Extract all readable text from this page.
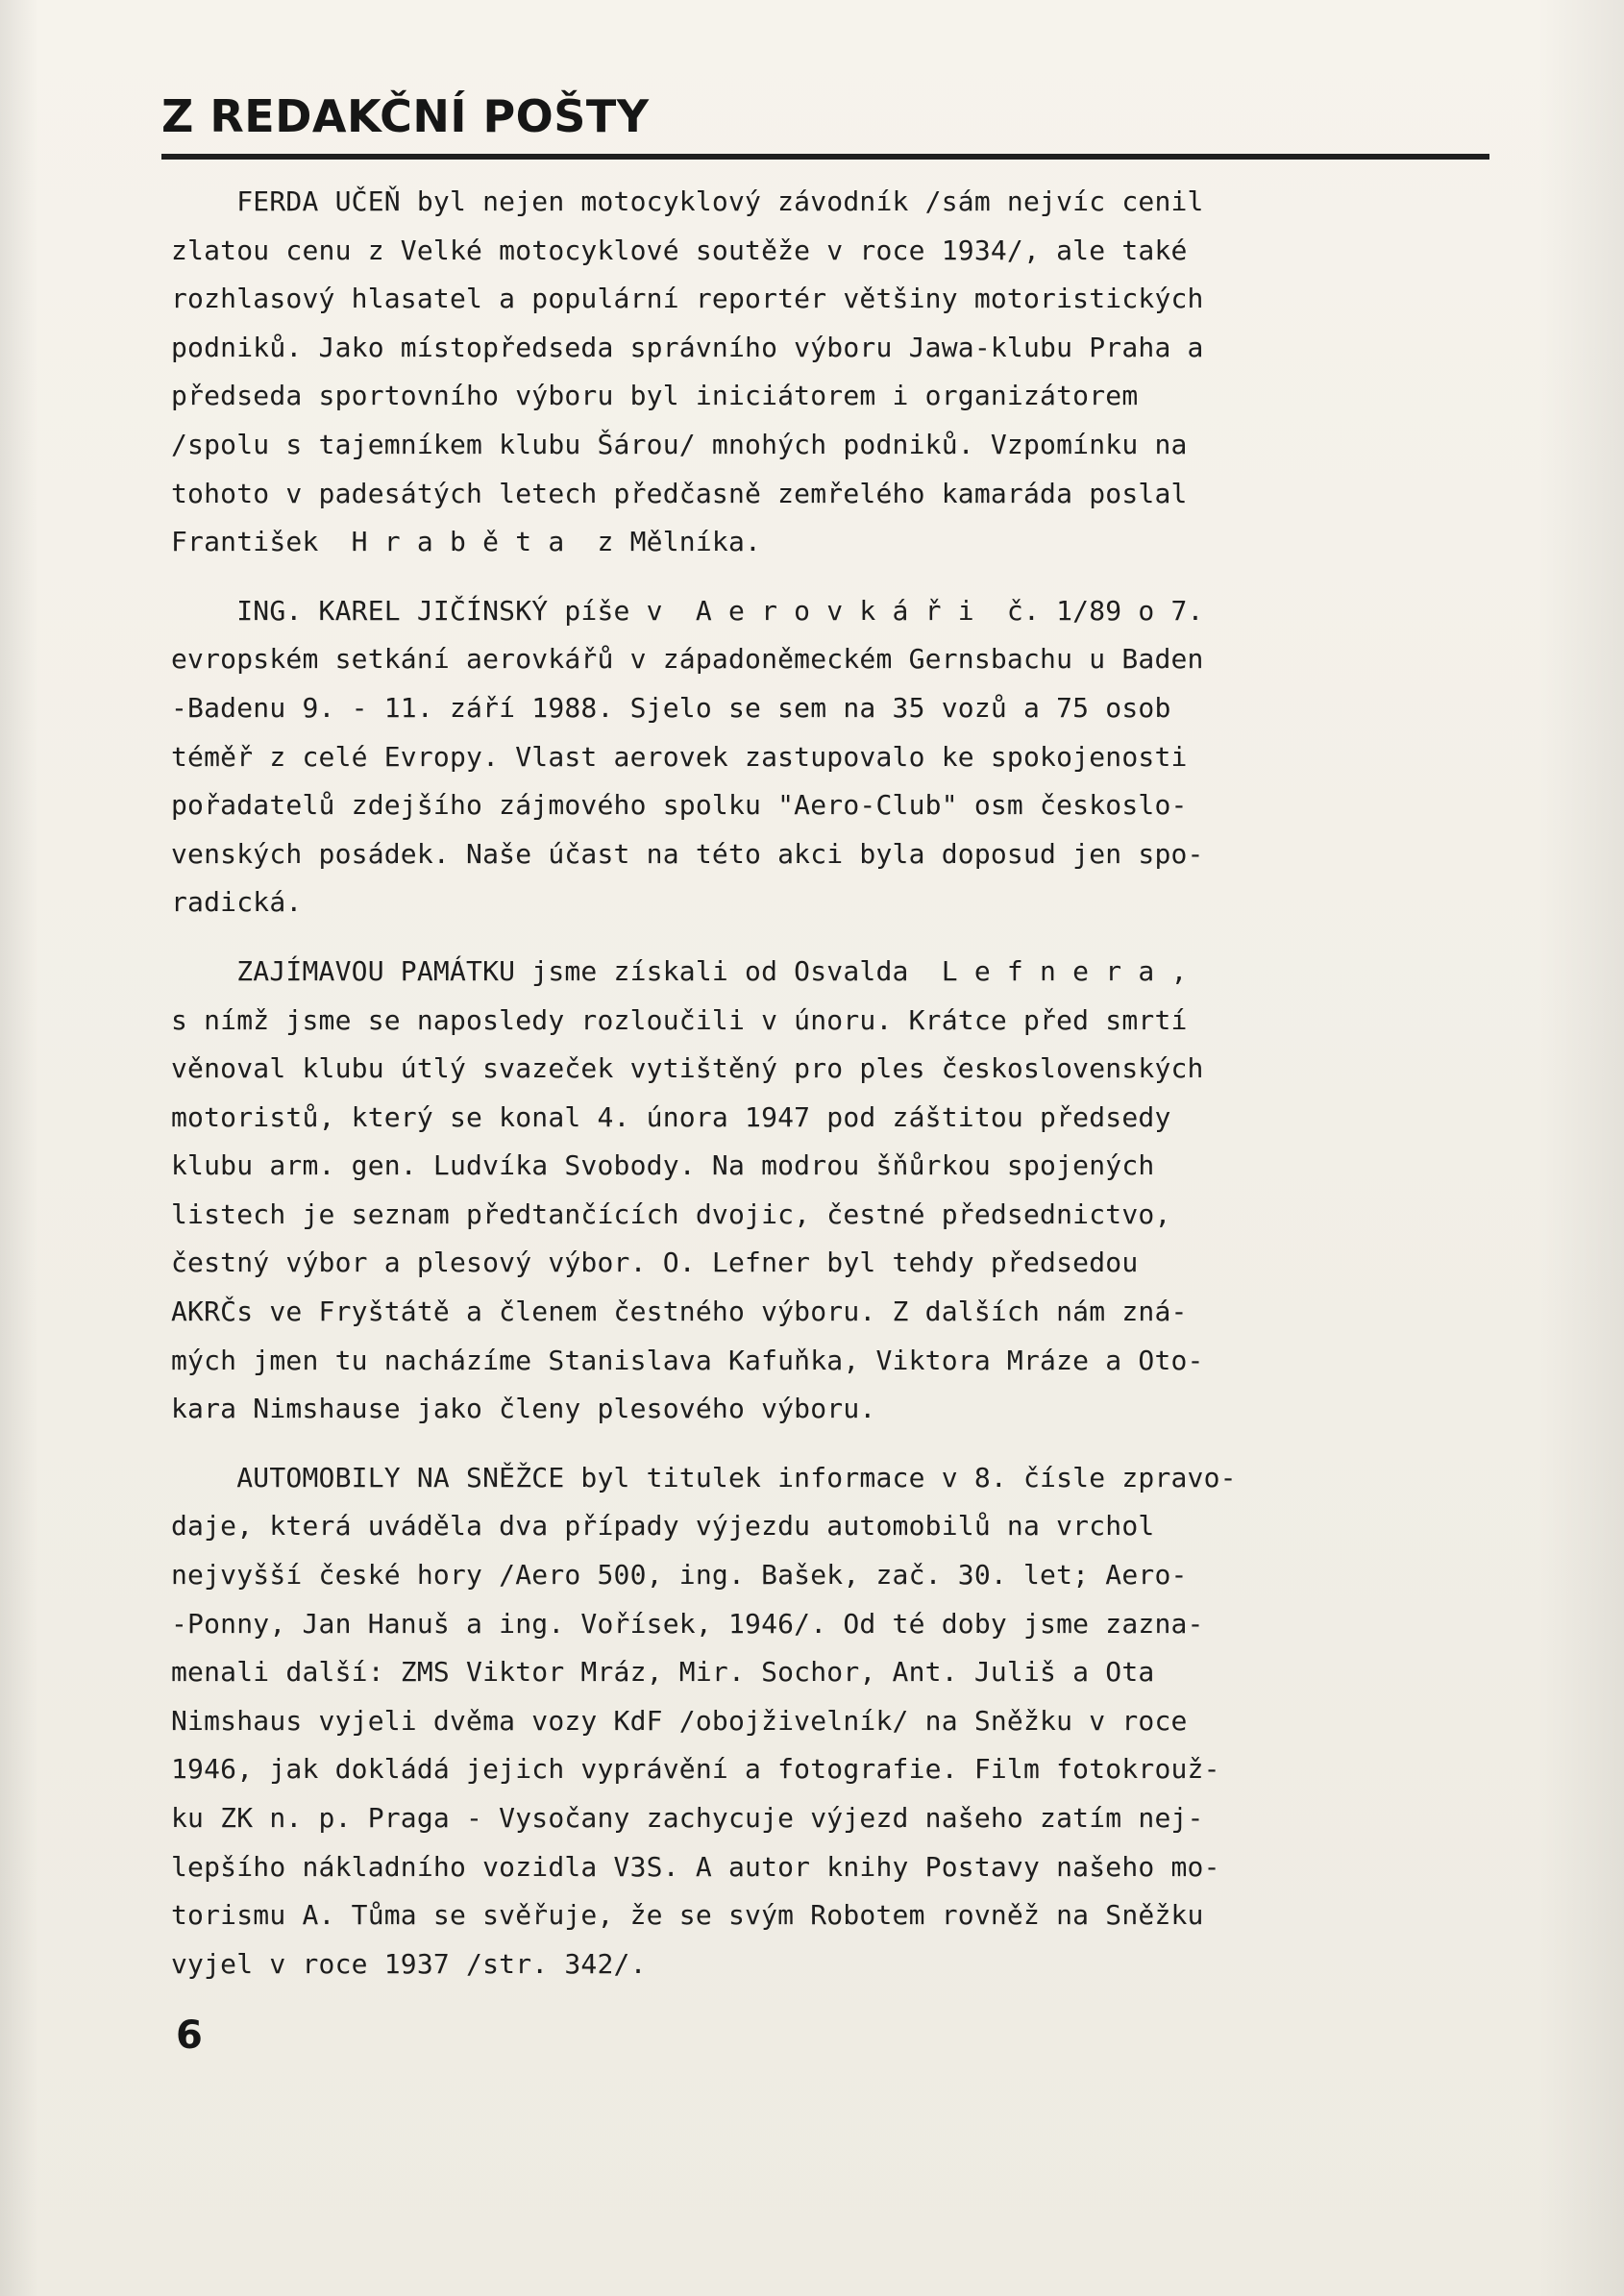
Z REDAKČNÍ POŠTY

FERDA UČEŇ byl nejen motocyklový závodník /sám nejvíc cenil
zlatou cenu z Velké motocyklové soutěže v roce 1934/, ale také
rozhlasový hlasatel a populární reportér většiny motoristických
podniků. Jako místopředseda správního výboru Jawa-klubu Praha a
předseda sportovního výboru byl iniciátorem i organizátorem
/spolu s tajemníkem klubu Šárou/ mnohých podniků. Vzpomínku na
tohoto v padesátých letech předčasně zemřelého kamaráda poslal
František  H r a b ě t a  z Mělníka.

ING. KAREL JIČÍNSKÝ píše v  A e r o v k á ř i  č. 1/89 o 7.
evropském setkání aerovkářů v západoněmeckém Gernsbachu u Baden
-Badenu 9. - 11. září 1988. Sjelo se sem na 35 vozů a 75 osob
téměř z celé Evropy. Vlast aerovek zastupovalo ke spokojenosti
pořadatelů zdejšího zájmového spolku "Aero-Club" osm českoslo-
venských posádek. Naše účast na této akci byla doposud jen spo-
radická.

ZAJÍMAVOU PAMÁTKU jsme získali od Osvalda  L e f n e r a ,
s nímž jsme se naposledy rozloučili v únoru. Krátce před smrtí
věnoval klubu útlý svazeček vytištěný pro ples československých
motoristů, který se konal 4. února 1947 pod záštitou předsedy
klubu arm. gen. Ludvíka Svobody. Na modrou šňůrkou spojených
listech je seznam předtančících dvojic, čestné předsednictvo,
čestný výbor a plesový výbor. O. Lefner byl tehdy předsedou
AKRČs ve Fryštátě a členem čestného výboru. Z dalších nám zná-
mých jmen tu nacházíme Stanislava Kafuňka, Viktora Mráze a Oto-
kara Nimshause jako členy plesového výboru.

AUTOMOBILY NA SNĚŽCE byl titulek informace v 8. čísle zpravo-
daje, která uváděla dva případy výjezdu automobilů na vrchol
nejvyšší české hory /Aero 500, ing. Bašek, zač. 30. let; Aero-
-Ponny, Jan Hanuš a ing. Vořísek, 1946/. Od té doby jsme zazna-
menali další: ZMS Viktor Mráz, Mir. Sochor, Ant. Juliš a Ota
Nimshaus vyjeli dvěma vozy KdF /obojživelník/ na Sněžku v roce
1946, jak dokládá jejich vyprávění a fotografie. Film fotokrouž-
ku ZK n. p. Praga - Vysočany zachycuje výjezd našeho zatím nej-
lepšího nákladního vozidla V3S. A autor knihy Postavy našeho mo-
torismu A. Tůma se svěřuje, že se svým Robotem rovněž na Sněžku
vyjel v roce 1937 /str. 342/.

6
